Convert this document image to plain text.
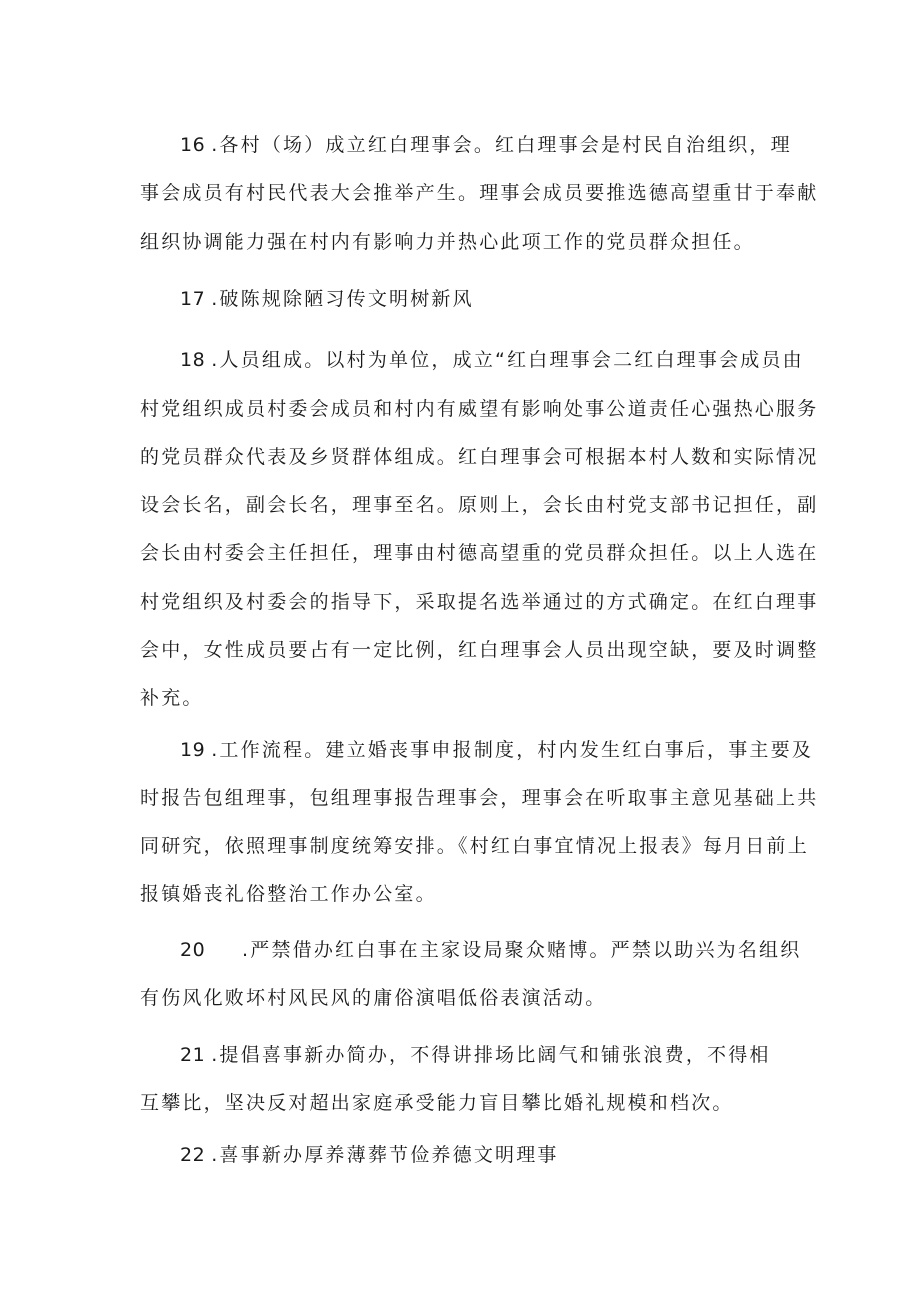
16 .各村（场）成立红白理事会。红白理事会是村民自治组织，理
事会成员有村民代表大会推举产生。理事会成员要推选德高望重甘于奉献
组织协调能力强在村内有影响力并热心此项工作的党员群众担任。
17 .破陈规除陋习传文明树新风
18 .人员组成。以村为单位，成立“红白理事会二红白理事会成员由
村党组织成员村委会成员和村内有威望有影响处事公道责任心强热心服务
的党员群众代表及乡贤群体组成。红白理事会可根据本村人数和实际情况
设会长名，副会长名，理事至名。原则上，会长由村党支部书记担任，副
会长由村委会主任担任，理事由村德高望重的党员群众担任。以上人选在
村党组织及村委会的指导下，采取提名选举通过的方式确定。在红白理事
会中，女性成员要占有一定比例，红白理事会人员出现空缺，要及时调整
补充。
19 .工作流程。建立婚丧事申报制度，村内发生红白事后，事主要及
时报告包组理事，包组理事报告理事会，理事会在听取事主意见基础上共
同研究，依照理事制度统筹安排。《村红白事宜情况上报表》每月日前上
报镇婚丧礼俗整治工作办公室。
20 .严禁借办红白事在主家设局聚众赌博。严禁以助兴为名组织
有伤风化败坏村风民风的庸俗演唱低俗表演活动。
21 .提倡喜事新办简办，不得讲排场比阔气和铺张浪费，不得相
互攀比，坚决反对超出家庭承受能力盲目攀比婚礼规模和档次。
22 .喜事新办厚养薄葬节俭养德文明理事
